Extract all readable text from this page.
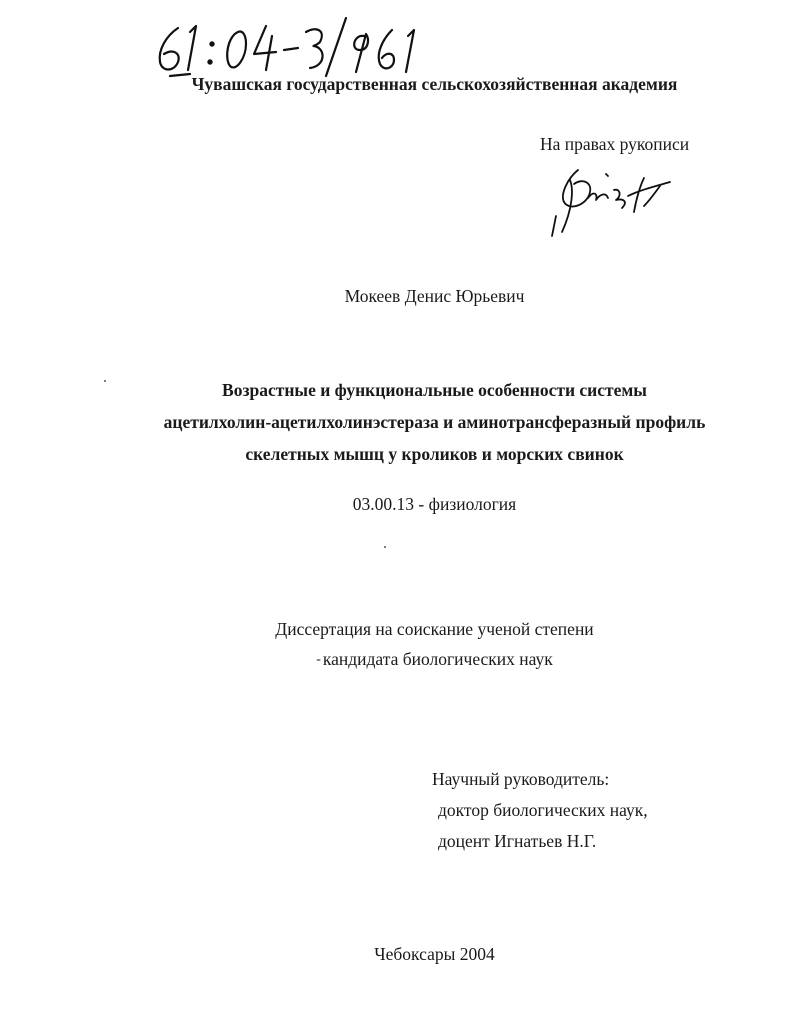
Чувашская государственная сельскохозяйственная академия
На правах рукописи
Мокеев Денис Юрьевич
Возрастные и функциональные особенности системы
ацетилхолин-ацетилхолинэстераза и аминотрансферазный профиль
скелетных мышц у кроликов и морских свинок
03.00.13 - физиология
Диссертация на соискание ученой степени
- кандидата биологических наук
Научный руководитель:
доктор биологических наук,
доцент Игнатьев Н.Г.
Чебоксары 2004
